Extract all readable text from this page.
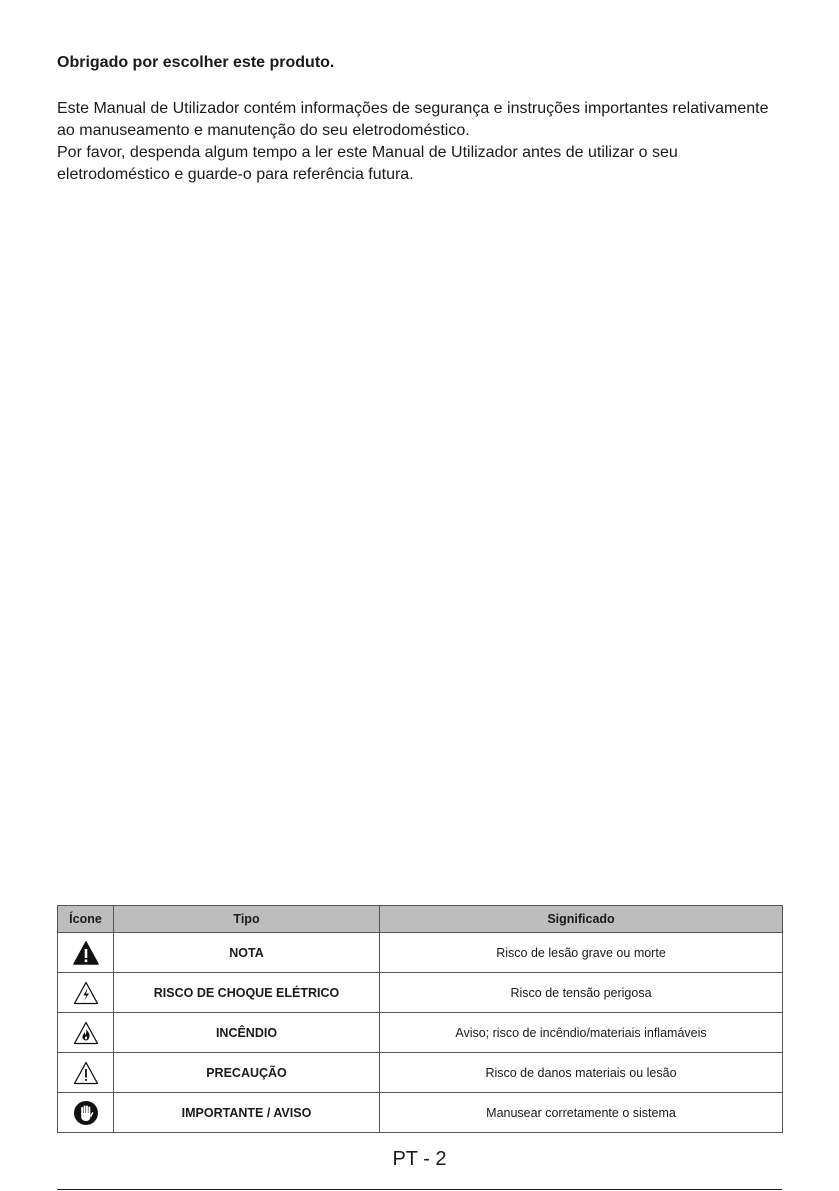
Obrigado por escolher este produto.

Este Manual de Utilizador contém informações de segurança e instruções importantes relativamente ao manuseamento e manutenção do seu eletrodoméstico.

Por favor, despenda algum tempo a ler este Manual de Utilizador antes de utilizar o seu eletrodoméstico e guarde-o para referência futura.

Ícone	Tipo	Significado

	NOTA	Risco de lesão grave ou morte

	RISCO DE CHOQUE ELÉTRICO	Risco de tensão perigosa

	INCÊNDIO	Aviso; risco de incêndio/materiais inflamáveis

	PRECAUÇÃO	Risco de danos materiais ou lesão

	IMPORTANTE / AVISO	Manusear corretamente o sistema
PT - 2
